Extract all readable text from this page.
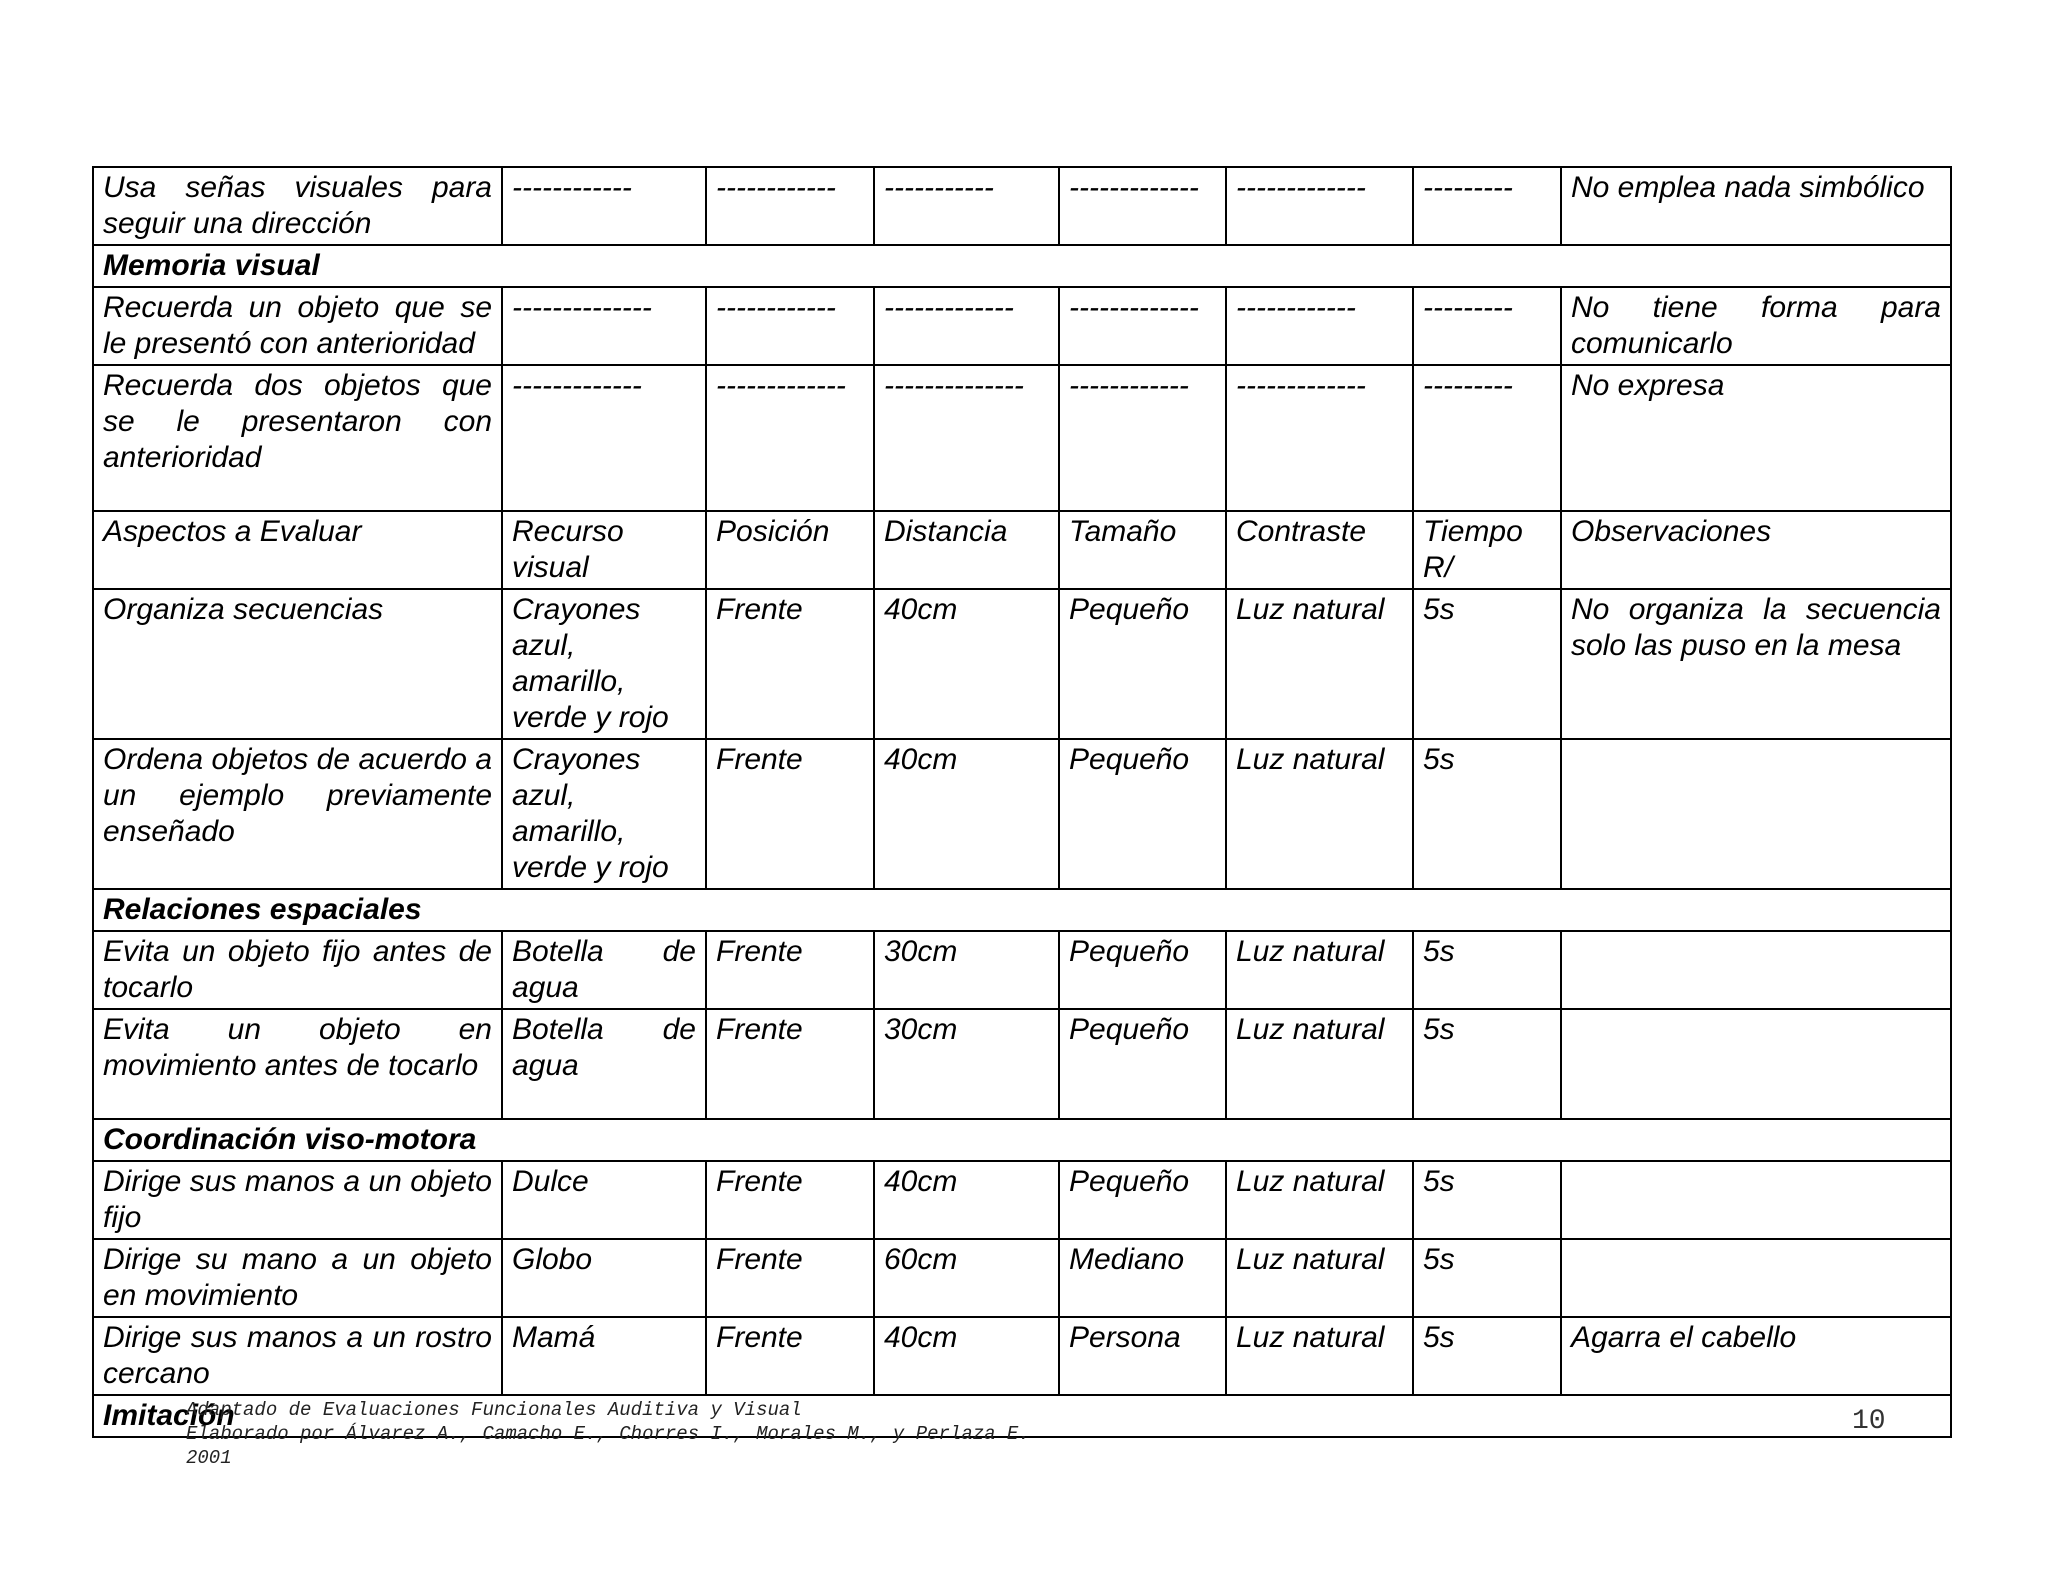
Usa señas visuales para seguir una dirección	------------	------------	-----------	-------------	-------------	---------	No emplea nada simbólico
Memoria visual							
Recuerda un objeto que se le presentó con anterioridad	--------------	------------	-------------	-------------	------------	---------	No tiene forma para comunicarlo
Recuerda dos objetos que se le presentaron con anterioridad	-------------	-------------	--------------	------------	-------------	---------	No expresa
Aspectos a Evaluar	Recurso visual	Posición	Distancia	Tamaño	Contraste	Tiempo R/	Observaciones
Organiza secuencias	Crayones azul, amarillo, verde y rojo	Frente	40cm	Pequeño	Luz natural	5s	No organiza la secuencia solo las puso en la mesa
Ordena objetos de acuerdo a un ejemplo previamente enseñado	Crayones azul, amarillo, verde y rojo	Frente	40cm	Pequeño	Luz natural	5s	
Relaciones espaciales							
Evita un objeto fijo antes de tocarlo	Botella de agua	Frente	30cm	Pequeño	Luz natural	5s	
Evita un objeto en movimiento antes de tocarlo	Botella de agua	Frente	30cm	Pequeño	Luz natural	5s	
Coordinación viso-motora							
Dirige sus manos a un objeto fijo	Dulce	Frente	40cm	Pequeño	Luz natural	5s	
Dirige su mano a un objeto en movimiento	Globo	Frente	60cm	Mediano	Luz natural	5s	
Dirige sus manos a un rostro cercano	Mamá	Frente	40cm	Persona	Luz natural	5s	Agarra el cabello
Imitación							
Adaptado de Evaluaciones Funcionales Auditiva y Visual
Elaborado por Álvarez A., Camacho E., Chorres I., Morales M., y Perlaza E.
2001
10
